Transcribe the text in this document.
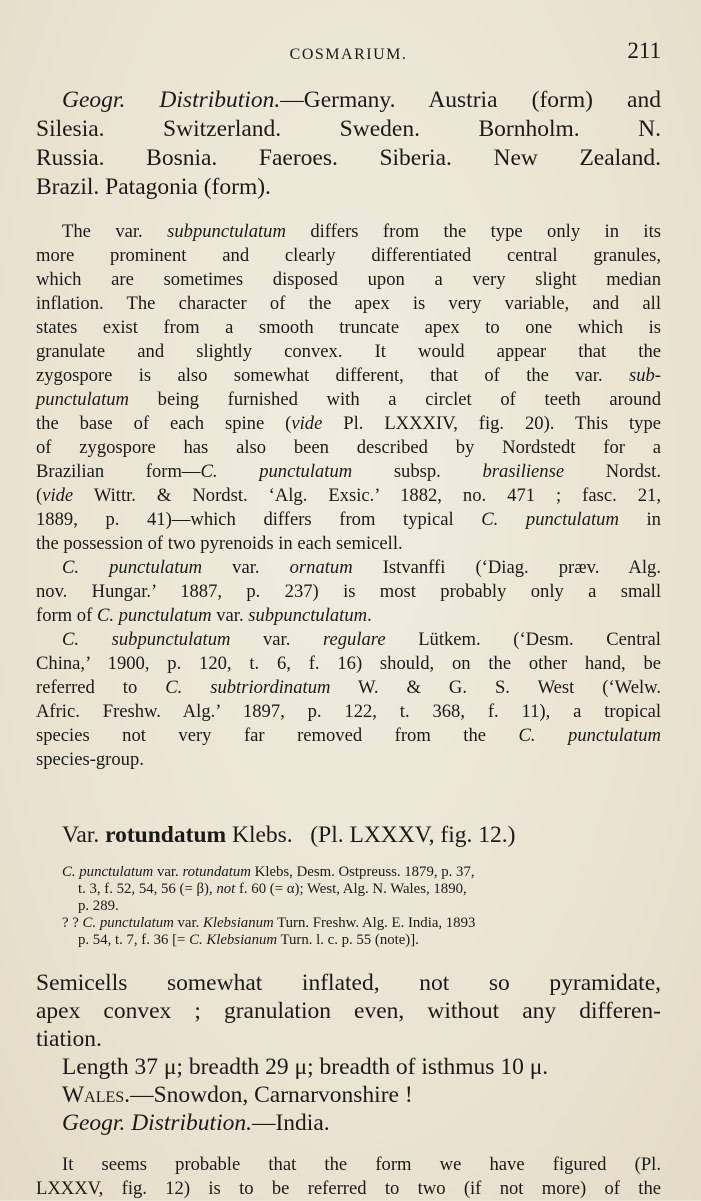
COSMARIUM.	211
Geogr. Distribution.—Germany. Austria (form) and
Silesia. Switzerland. Sweden. Bornholm. N.
Russia. Bosnia. Faeroes. Siberia. New Zealand.
Brazil. Patagonia (form).
The var. subpunctulatum differs from the type only in its
more prominent and clearly differentiated central granules,
which are sometimes disposed upon a very slight median
inflation. The character of the apex is very variable, and all
states exist from a smooth truncate apex to one which is
granulate and slightly convex. It would appear that the
zygospore is also somewhat different, that of the var. sub-
punctulatum being furnished with a circlet of teeth around
the base of each spine (vide Pl. LXXXIV, fig. 20). This type
of zygospore has also been described by Nordstedt for a
Brazilian form—C. punctulatum subsp. brasiliense Nordst.
(vide Wittr. & Nordst. ‘Alg. Exsic.’ 1882, no. 471 ; fasc. 21,
1889, p. 41)—which differs from typical C. punctulatum in
the possession of two pyrenoids in each semicell.
C. punctulatum var. ornatum Istvanffi (‘Diag. præv. Alg.
nov. Hungar.’ 1887, p. 237) is most probably only a small
form of C. punctulatum var. subpunctulatum.
C. subpunctulatum var. regulare Lütkem. (‘Desm. Central
China,’ 1900, p. 120, t. 6, f. 16) should, on the other hand, be
referred to C. subtriordinatum W. & G. S. West (‘Welw.
Afric. Freshw. Alg.’ 1897, p. 122, t. 368, f. 11), a tropical
species not very far removed from the C. punctulatum
species-group.
Var. rotundatum Klebs. (Pl. LXXXV, fig. 12.)
C. punctulatum var. rotundatum Klebs, Desm. Ostpreuss. 1879, p. 37,
t. 3, f. 52, 54, 56 (= β), not f. 60 (= α); West, Alg. N. Wales, 1890,
p. 289.
? ? C. punctulatum var. Klebsianum Turn. Freshw. Alg. E. India, 1893
p. 54, t. 7, f. 36 [= C. Klebsianum Turn. l. c. p. 55 (note)].
Semicells somewhat inflated, not so pyramidate,
apex convex ; granulation even, without any differen-
tiation.
Length 37 μ; breadth 29 μ; breadth of isthmus 10 μ.
Wales.—Snowdon, Carnarvonshire !
Geogr. Distribution.—India.
It seems probable that the form we have figured (Pl.
LXXXV, fig. 12) is to be referred to two (if not more) of the
